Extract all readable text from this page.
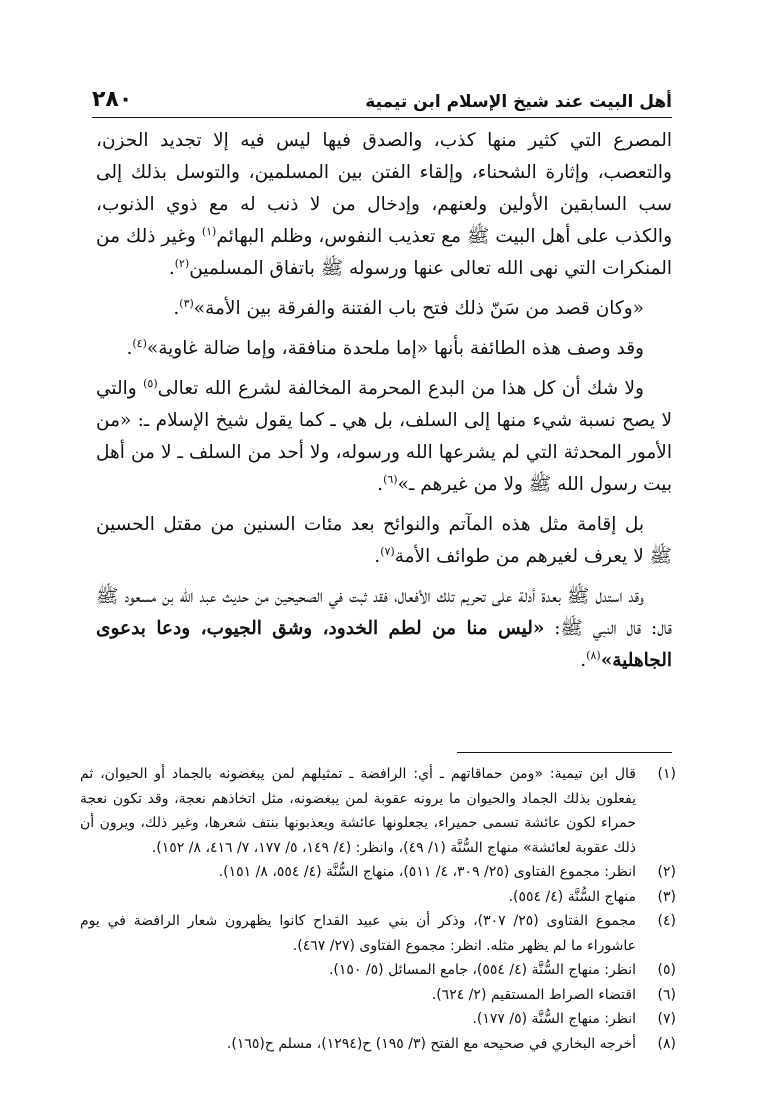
أهل البيت عند شيخ الإسلام ابن تيمية
٢٨٠

المصرع التي كثير منها كذب، والصدق فيها ليس فيه إلا تجديد الحزن، والتعصب، وإثارة الشحناء، وإلقاء الفتن بين المسلمين، والتوسل بذلك إلى سب السابقين الأولين ولعنهم، وإدخال من لا ذنب له مع ذوي الذنوب، والكذب على أهل البيت ﷺ مع تعذيب النفوس، وظلم البهائم$^{(١)}$ وغير ذلك من المنكرات التي نهى الله تعالى عنها ورسوله ﷺ باتفاق المسلمين$^{(٢)}$.

«وكان قصد من سَنّ ذلك فتح باب الفتنة والفرقة بين الأمة»$^{(٣)}$.

وقد وصف هذه الطائفة بأنها «إما ملحدة منافقة، وإما ضالة غاوية»$^{(٤)}$.

ولا شك أن كل هذا من البدع المحرمة المخالفة لشرع الله تعالى$^{(٥)}$ والتي لا يصح نسبة شيء منها إلى السلف، بل هي ـ كما يقول شيخ الإسلام ـ: «من الأمور المحدثة التي لم يشرعها الله ورسوله، ولا أحد من السلف ـ لا من أهل بيت رسول الله ﷺ ولا من غيرهم ـ»$^{(٦)}$.

بل إقامة مثل هذه المآتم والنوائح بعد مئات السنين من مقتل الحسين ﷺ لا يعرف لغيرهم من طوائف الأمة$^{(٧)}$.

وقد استدل ﷺ بعدة أدلة على تحريم تلك الأفعال، فقد ثبت في الصحيحين من حديث عبد الله بن مسعود ﷺ قال: قال النبي ﷺ: «ليس منا من لطم الخدود، وشق الجيوب، ودعا بدعوى الجاهلية»$^{(٨)}$.

(١)
قال ابن تيمية: «ومن حماقاتهم ـ أي: الرافضة ـ تمثيلهم لمن يبغضونه بالجماد أو الحيوان، ثم يفعلون بذلك الجماد والحيوان ما يرونه عقوبة لمن يبغضونه، مثل اتخاذهم نعجة، وقد تكون نعجة حمراء لكون عائشة تسمى حميراء، يجعلونها عائشة ويعذبونها بنتف شعرها، وغير ذلك، ويرون أن ذلك عقوبة لعائشة» منهاج السُّنَّة (١/ ٤٩)، وانظر: (٤/ ١٤٩، ٥/ ١٧٧، ٧/ ٤١٦، ٨/ ١٥٢).
(٢)
انظر: مجموع الفتاوى (٢٥/ ٣٠٩، ٤/ ٥١١)، منهاج السُّنَّة (٤/ ٥٥٤، ٨/ ١٥١).
(٣)
منهاج السُّنَّة (٤/ ٥٥٤).
(٤)
مجموع الفتاوى (٢٥/ ٣٠٧)، وذكر أن بني عبيد القداح كانوا يظهرون شعار الرافضة في يوم عاشوراء ما لم يظهر مثله. انظر: مجموع الفتاوى (٢٧/ ٤٦٧).
(٥)
انظر: منهاج السُّنَّة (٤/ ٥٥٤)، جامع المسائل (٥/ ١٥٠).
(٦)
اقتضاء الصراط المستقيم (٢/ ٦٢٤).
(٧)
انظر: منهاج السُّنَّة (٥/ ١٧٧).
(٨)
أخرجه البخاري في صحيحه مع الفتح (٣/ ١٩٥) ح(١٢٩٤)، مسلم ح(١٦٥).
